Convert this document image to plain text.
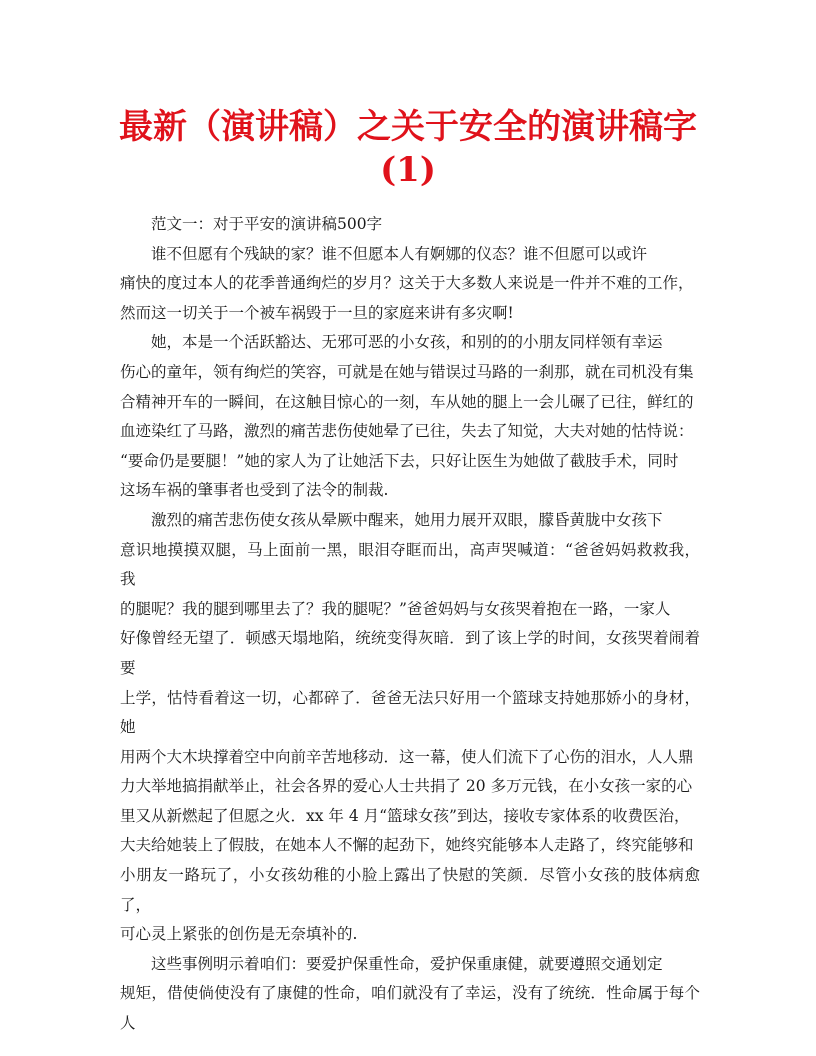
最新（演讲稿）之关于安全的演讲稿字
(1)

范文一：对于平安的演讲稿500字

谁不但愿有个残缺的家？谁不但愿本人有婀娜的仪态？谁不但愿可以或许
痛快的度过本人的花季普通绚烂的岁月？这关于大多数人来说是一件并不难的工作，
然而这一切关于一个被车祸毁于一旦的家庭来讲有多灾啊!

她，本是一个活跃豁达、无邪可恶的小女孩，和别的的小朋友同样领有幸运
伤心的童年，领有绚烂的笑容，可就是在她与错误过马路的一刹那，就在司机没有集
合精神开车的一瞬间，在这触目惊心的一刻，车从她的腿上一会儿碾了已往，鲜红的
血迹染红了马路，激烈的痛苦悲伤使她晕了已往，失去了知觉，大夫对她的怙恃说：
“要命仍是要腿！”她的家人为了让她活下去，只好让医生为她做了截肢手术，同时
这场车祸的肇事者也受到了法令的制裁.

激烈的痛苦悲伤使女孩从晕厥中醒来，她用力展开双眼，朦昏黄胧中女孩下
意识地摸摸双腿，马上面前一黑，眼泪夺眶而出，高声哭喊道：“爸爸妈妈救救我，我
的腿呢？我的腿到哪里去了？我的腿呢？”爸爸妈妈与女孩哭着抱在一路，一家人
好像曾经无望了．顿感天塌地陷，统统变得灰暗．到了该上学的时间，女孩哭着闹着要
上学，怙恃看着这一切，心都碎了．爸爸无法只好用一个篮球支持她那娇小的身材，她
用两个大木块撑着空中向前辛苦地移动．这一幕，使人们流下了心伤的泪水，人人鼎
力大举地搞捐献举止，社会各界的爱心人士共捐了 20 多万元钱，在小女孩一家的心
里又从新燃起了但愿之火．xx 年 4 月“篮球女孩”到达，接收专家体系的收费医治，
大夫给她装上了假肢，在她本人不懈的起劲下，她终究能够本人走路了，终究能够和
小朋友一路玩了，小女孩幼稚的小脸上露出了快慰的笑颜．尽管小女孩的肢体病愈了，
可心灵上紧张的创伤是无奈填补的.

这些事例明示着咱们：要爱护保重性命，爱护保重康健，就要遵照交通划定
规矩，借使倘使没有了康健的性命，咱们就没有了幸运，没有了统统．性命属于每个人
